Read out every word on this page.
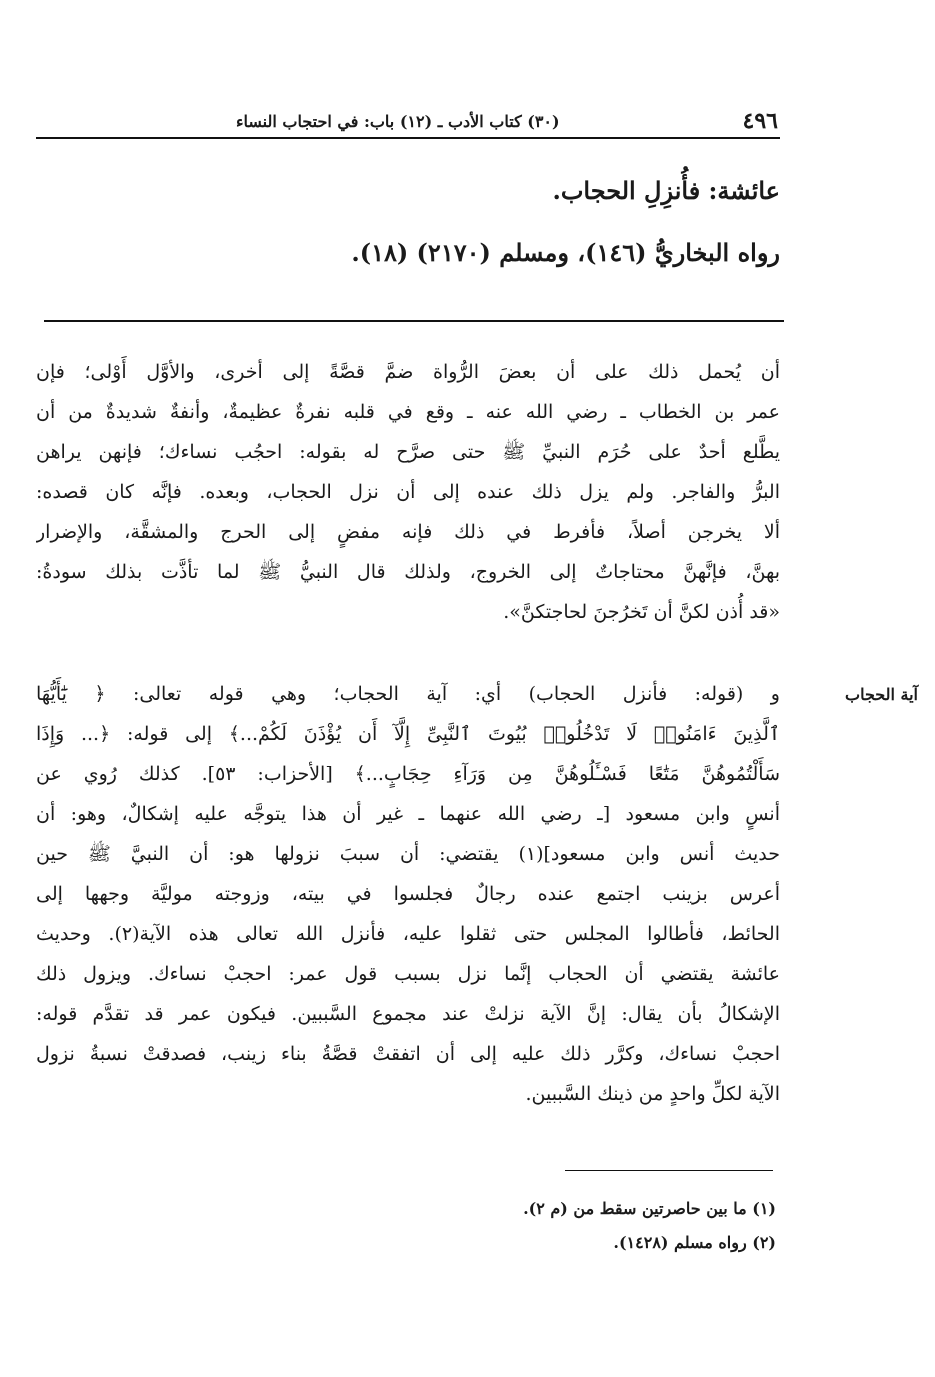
٤٩٦
(٣٠) كتاب الأدب ـ (١٢) باب: في احتجاب النساء
عائشة: فأُنزِلِ الحجاب.
رواه البخاريُّ (١٤٦)، ومسلم (٢١٧٠) (١٨).
أن يُحمل ذلك على أن بعضَ الرُّواة ضمَّ قصَّةً إلى أخرى، والأوَّل أَوْلى؛ فإن
عمر بن الخطاب ـ رضي الله عنه ـ وقع في قلبه نفرةٌ عظيمةٌ، وأنفةٌ شديدةٌ من أن
يطَّلع أحدٌ على حُرَم النبيِّ ﷺ حتى صرَّح له بقوله: احجُب نساءك؛ فإنهن يراهن
البرُّ والفاجر. ولم يزل ذلك عنده إلى أن نزل الحجاب، وبعده. فإنَّه كان قصده:
ألا يخرجن أصلاً، فأفرط في ذلك فإنه مفضٍ إلى الحرج والمشقَّة، والإضرار
بهنَّ، فإنَّهنَّ محتاجاتٌ إلى الخروج، ولذلك قال النبيُّ ﷺ لما تأذَّت بذلك سودةُ:
«قد أُذن لكنَّ أن تَخرُجنَ لحاجتكنَّ».
آية الحجاب
و (قوله: فأنزل الحجاب) أي: آية الحجاب؛ وهي قوله تعالى: ﴿ يَٰٓأَيُّهَا
ٱلَّذِينَ ءَامَنُوا۟ لَا تَدْخُلُوا۟ بُيُوتَ ٱلنَّبِىِّ إِلَّآ أَن يُؤْذَنَ لَكُمْ...﴾ إلى قوله: ﴿... وَإِذَا
سَأَلْتُمُوهُنَّ مَتَٰعًا فَسْـَٔلُوهُنَّ مِن وَرَآءِ حِجَابٍ...﴾ [الأحزاب: ٥٣]. كذلك رُوي عن
أنسٍ وابن مسعود [ـ رضي الله عنهما ـ غير أن هذا يتوجَّه عليه إشكالٌ، وهو: أن
حديث أنس وابن مسعود](١) يقتضي: أن سببَ نزولها هو: أن النبيَّ ﷺ حين
أعرس بزينب اجتمع عنده رجالٌ فجلسوا في بيته، وزوجته موليَّة وجهها إلى
الحائط، فأطالوا المجلس حتى ثقلوا عليه، فأنزل الله تعالى هذه الآية(٢). وحديث
عائشة يقتضي أن الحجاب إنَّما نزل بسبب قول عمر: احجبْ نساءك. ويزول ذلك
الإشكالُ بأن يقال: إنَّ الآية نزلتْ عند مجموع السَّببين. فيكون عمر قد تقدَّم قوله:
احجبْ نساءك، وكرَّر ذلك عليه إلى أن اتفقتْ قصَّةُ بناء زينب، فصدقتْ نسبةُ نزول
الآية لكلِّ واحدٍ من ذينك السَّببين.
(١) ما بين حاصرتين سقط من (م ٢).
(٢) رواه مسلم (١٤٢٨).
